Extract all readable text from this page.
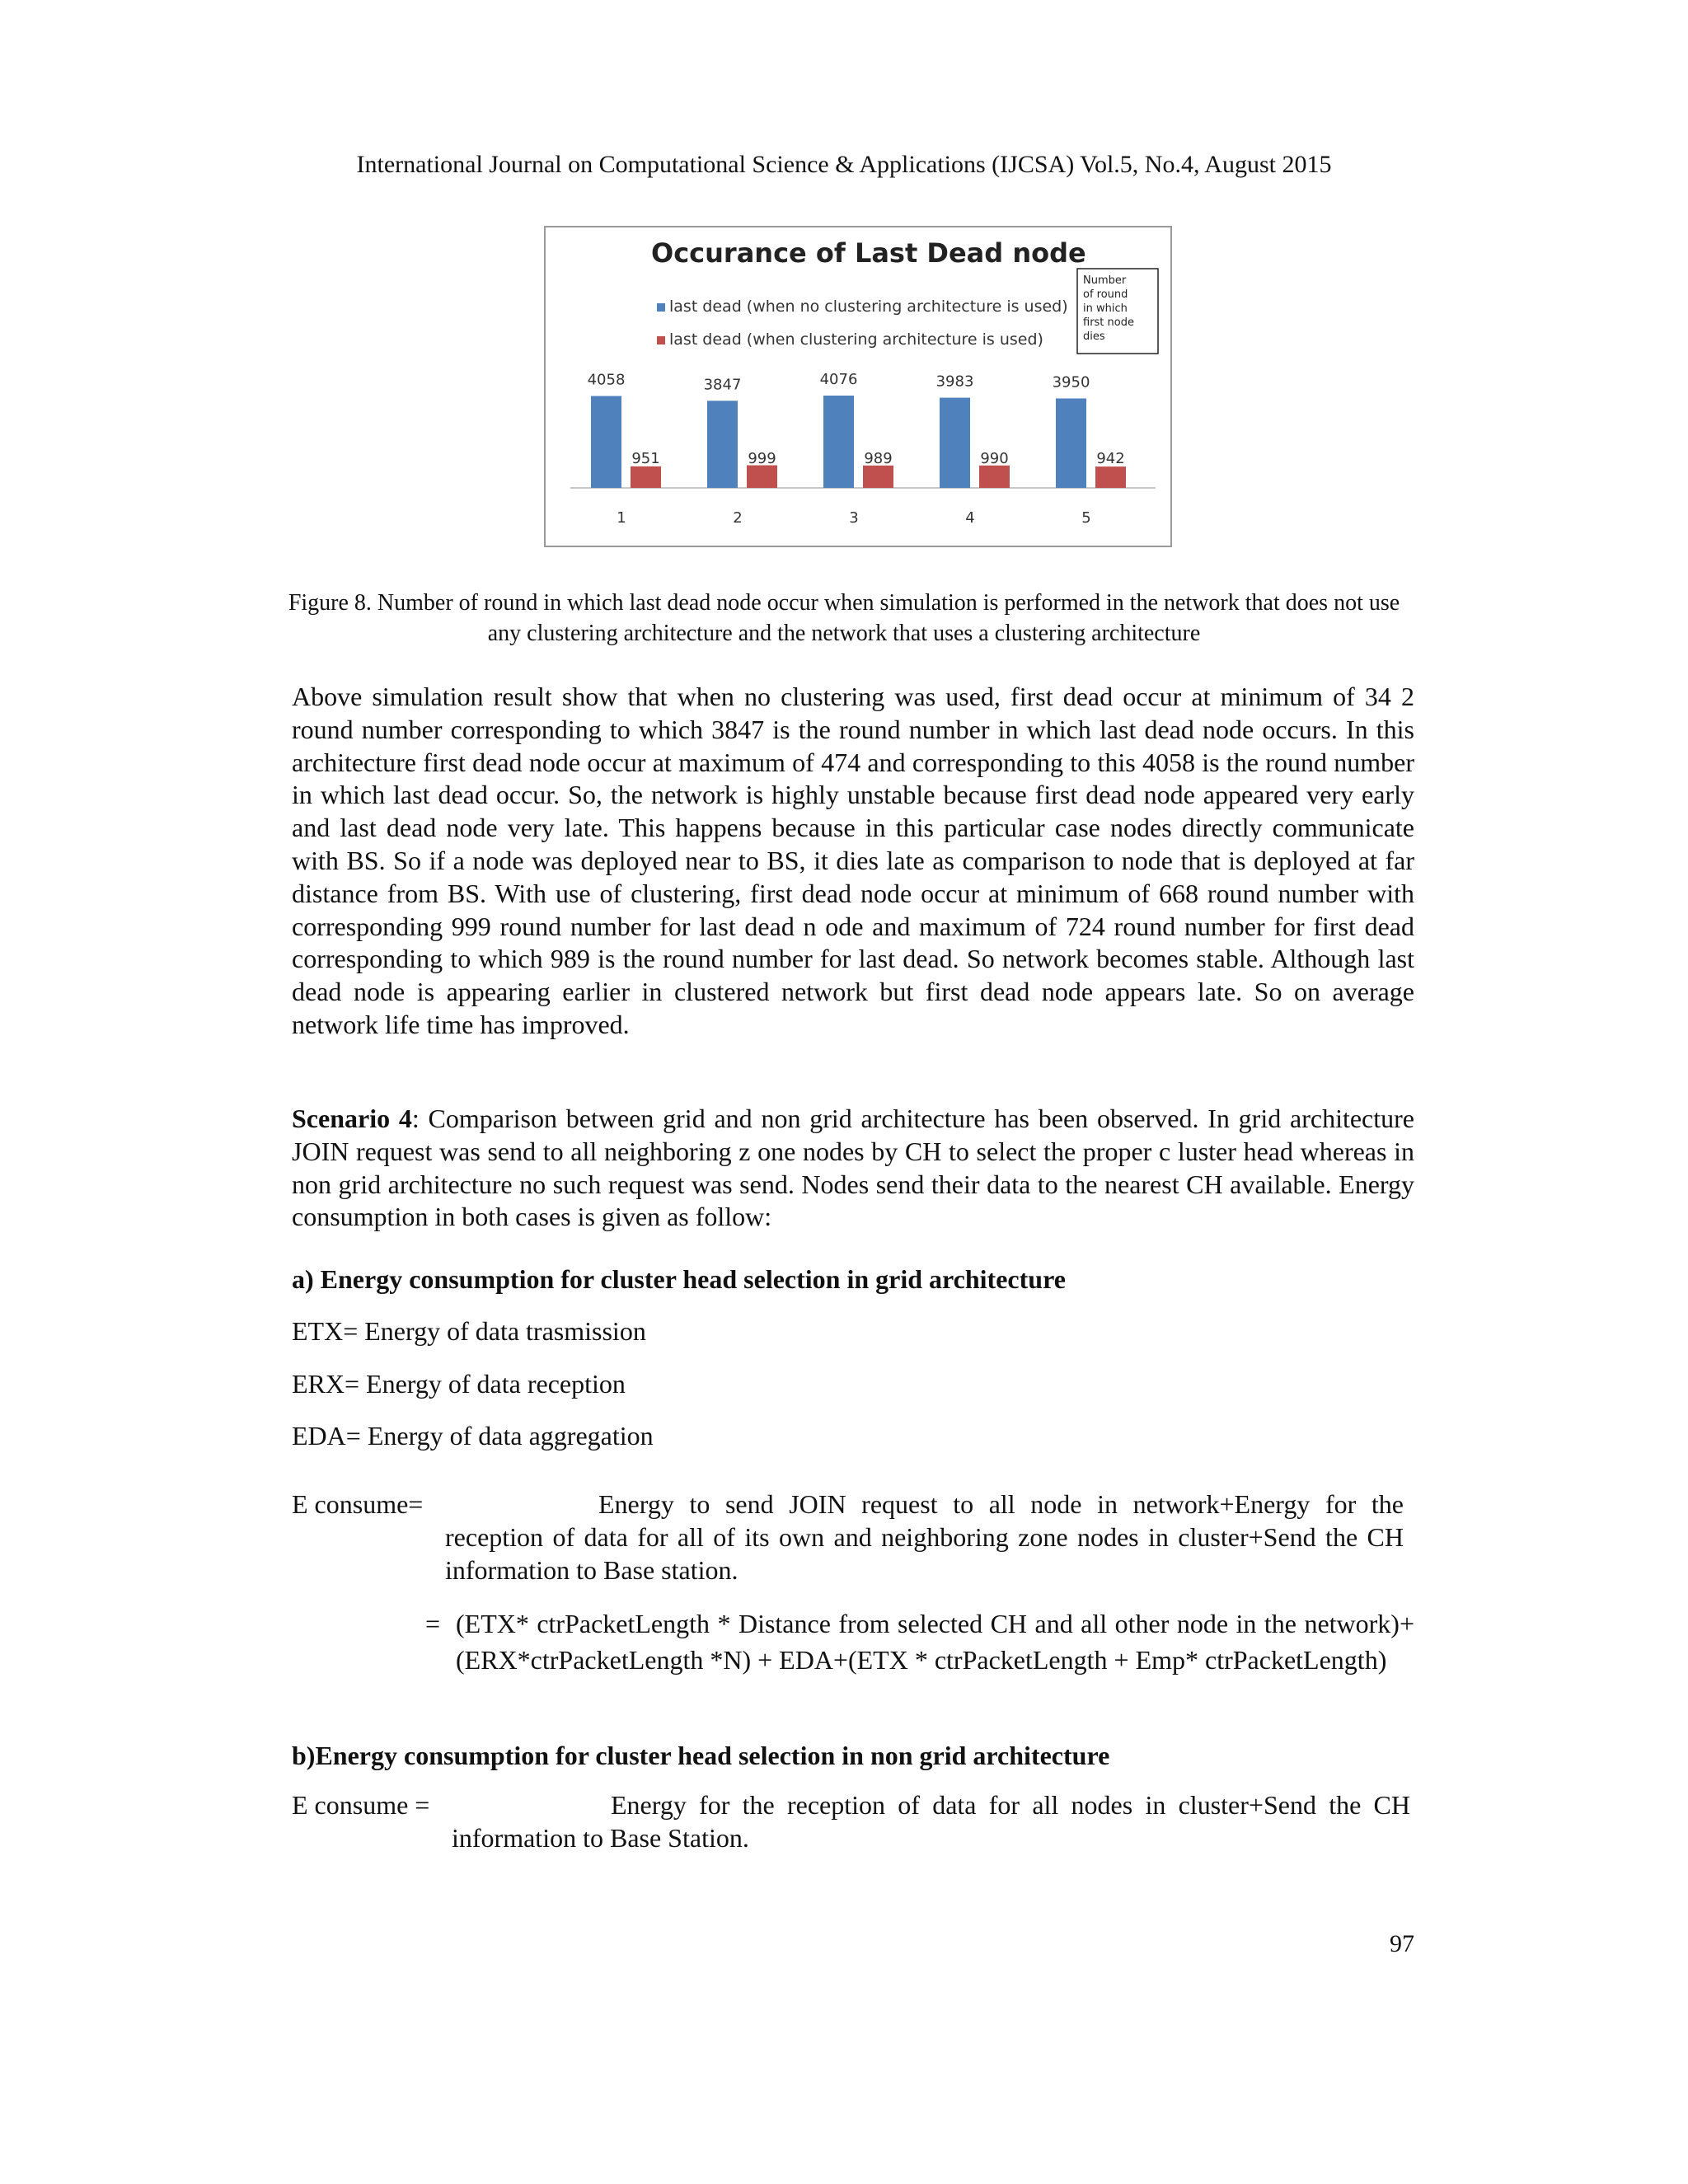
International Journal on Computational Science & Applications (IJCSA) Vol.5, No.4, August 2015
Occurance of Last Dead node
last dead (when no clustering architecture is used)
last dead (when clustering architecture is used)
Number of round in which first node dies
Number of round in which first node dies
4058
951
1
3847
999
2
4076
989
3
3983
990
4
3950
942
5
Figure 8. Number of round in which last dead node occur when simulation is performed in the network that does not use any clustering architecture and the network that uses a clustering architecture
Above simulation result show that when no clustering was used, first dead occur at minimum of 34 2 round number corresponding to which 3847 is the round number in which last dead node occurs. In this architecture first dead node occur at maximum of 474 and corresponding to this 4058 is the round number in which last dead occur. So, the network is highly unstable because first dead node appeared very early and last dead node very late. This happens because in this particular case nodes directly communicate with BS. So if a node was deployed near to BS, it dies late as comparison to node that is deployed at far distance from BS. With use of clustering, first dead node occur at minimum of 668 round number with corresponding 999 round number for last dead n ode and maximum of 724 round number for first dead corresponding to which 989 is the round number for last dead. So network becomes stable. Although last dead node is appearing earlier in clustered network but first dead node appears late. So on average network life time has improved.
Scenario 4: Comparison between grid and non grid architecture has been observed. In grid architecture JOIN request was send to all neighboring z one nodes by CH to select the proper c luster head whereas in non grid architecture no such request was send. Nodes send their data to the nearest CH available. Energy consumption in both cases is given as follow:
a) Energy consumption for cluster head selection in grid architecture
ETX= Energy of data trasmission
ERX= Energy of data reception
EDA= Energy of data aggregation
E consume=	Energy to send JOIN request to all node in network+Energy for the reception of data for all of its own and neighboring zone nodes in cluster+Send the CH information to Base station.
= (ETX* ctrPacketLength * Distance from selected CH and all other node in the network)+(ERX*ctrPacketLength *N) + EDA+(ETX * ctrPacketLength + Emp* ctrPacketLength)
b)Energy consumption for cluster head selection in non grid architecture
E consume =	Energy for the reception of data for all nodes in cluster+Send the CH information to Base Station.
97
